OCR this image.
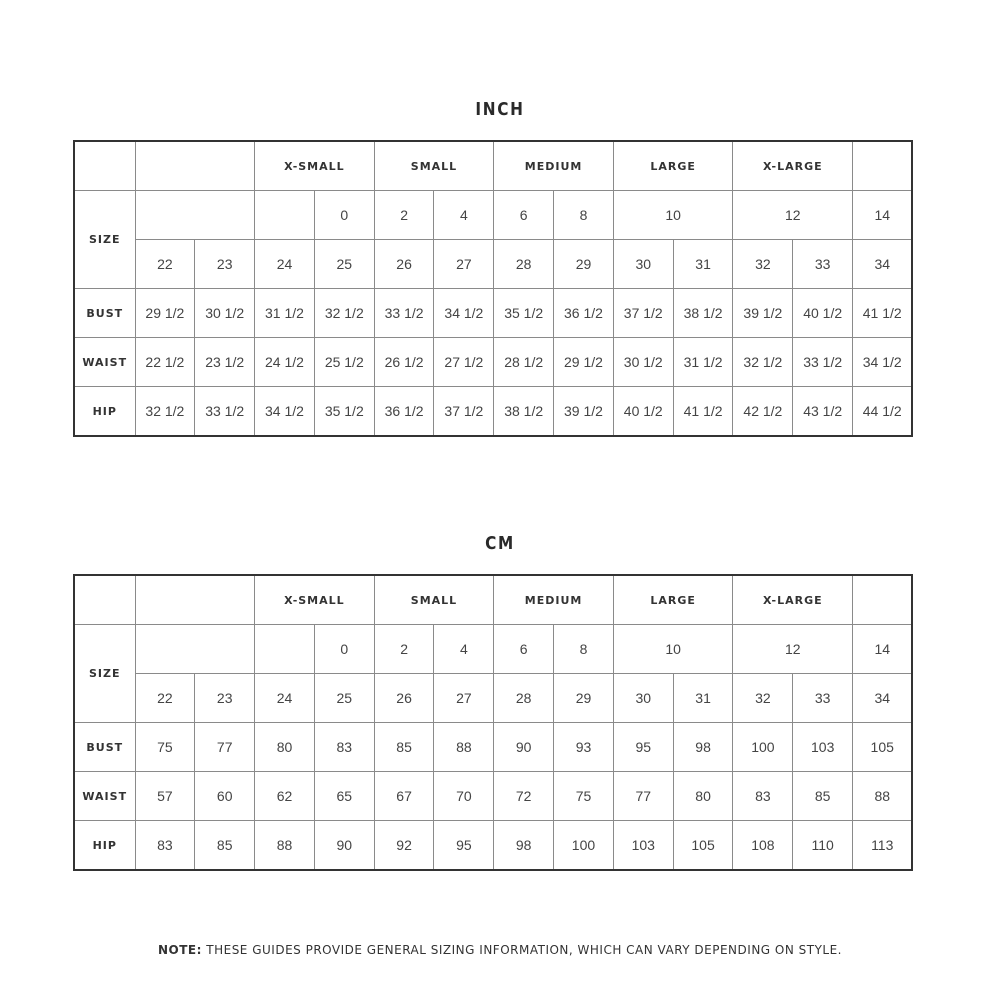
INCH
			X-SMALL		SMALL		MEDIUM		LARGE		X-LARGE		
SIZE				0	2	4	6	8	10		12		14
	22	23	24	25	26	27	28	29	30	31	32	33	34
BUST	29 1/2	30 1/2	31 1/2	32 1/2	33 1/2	34 1/2	35 1/2	36 1/2	37 1/2	38 1/2	39 1/2	40 1/2	41 1/2
WAIST	22 1/2	23 1/2	24 1/2	25 1/2	26 1/2	27 1/2	28 1/2	29 1/2	30 1/2	31 1/2	32 1/2	33 1/2	34 1/2
HIP	32 1/2	33 1/2	34 1/2	35 1/2	36 1/2	37 1/2	38 1/2	39 1/2	40 1/2	41 1/2	42 1/2	43 1/2	44 1/2
CM
			X-SMALL		SMALL		MEDIUM		LARGE		X-LARGE		
SIZE				0	2	4	6	8	10		12		14
	22	23	24	25	26	27	28	29	30	31	32	33	34
BUST	75	77	80	83	85	88	90	93	95	98	100	103	105
WAIST	57	60	62	65	67	70	72	75	77	80	83	85	88
HIP	83	85	88	90	92	95	98	100	103	105	108	110	113
NOTE: THESE GUIDES PROVIDE GENERAL SIZING INFORMATION, WHICH CAN VARY DEPENDING ON STYLE.
